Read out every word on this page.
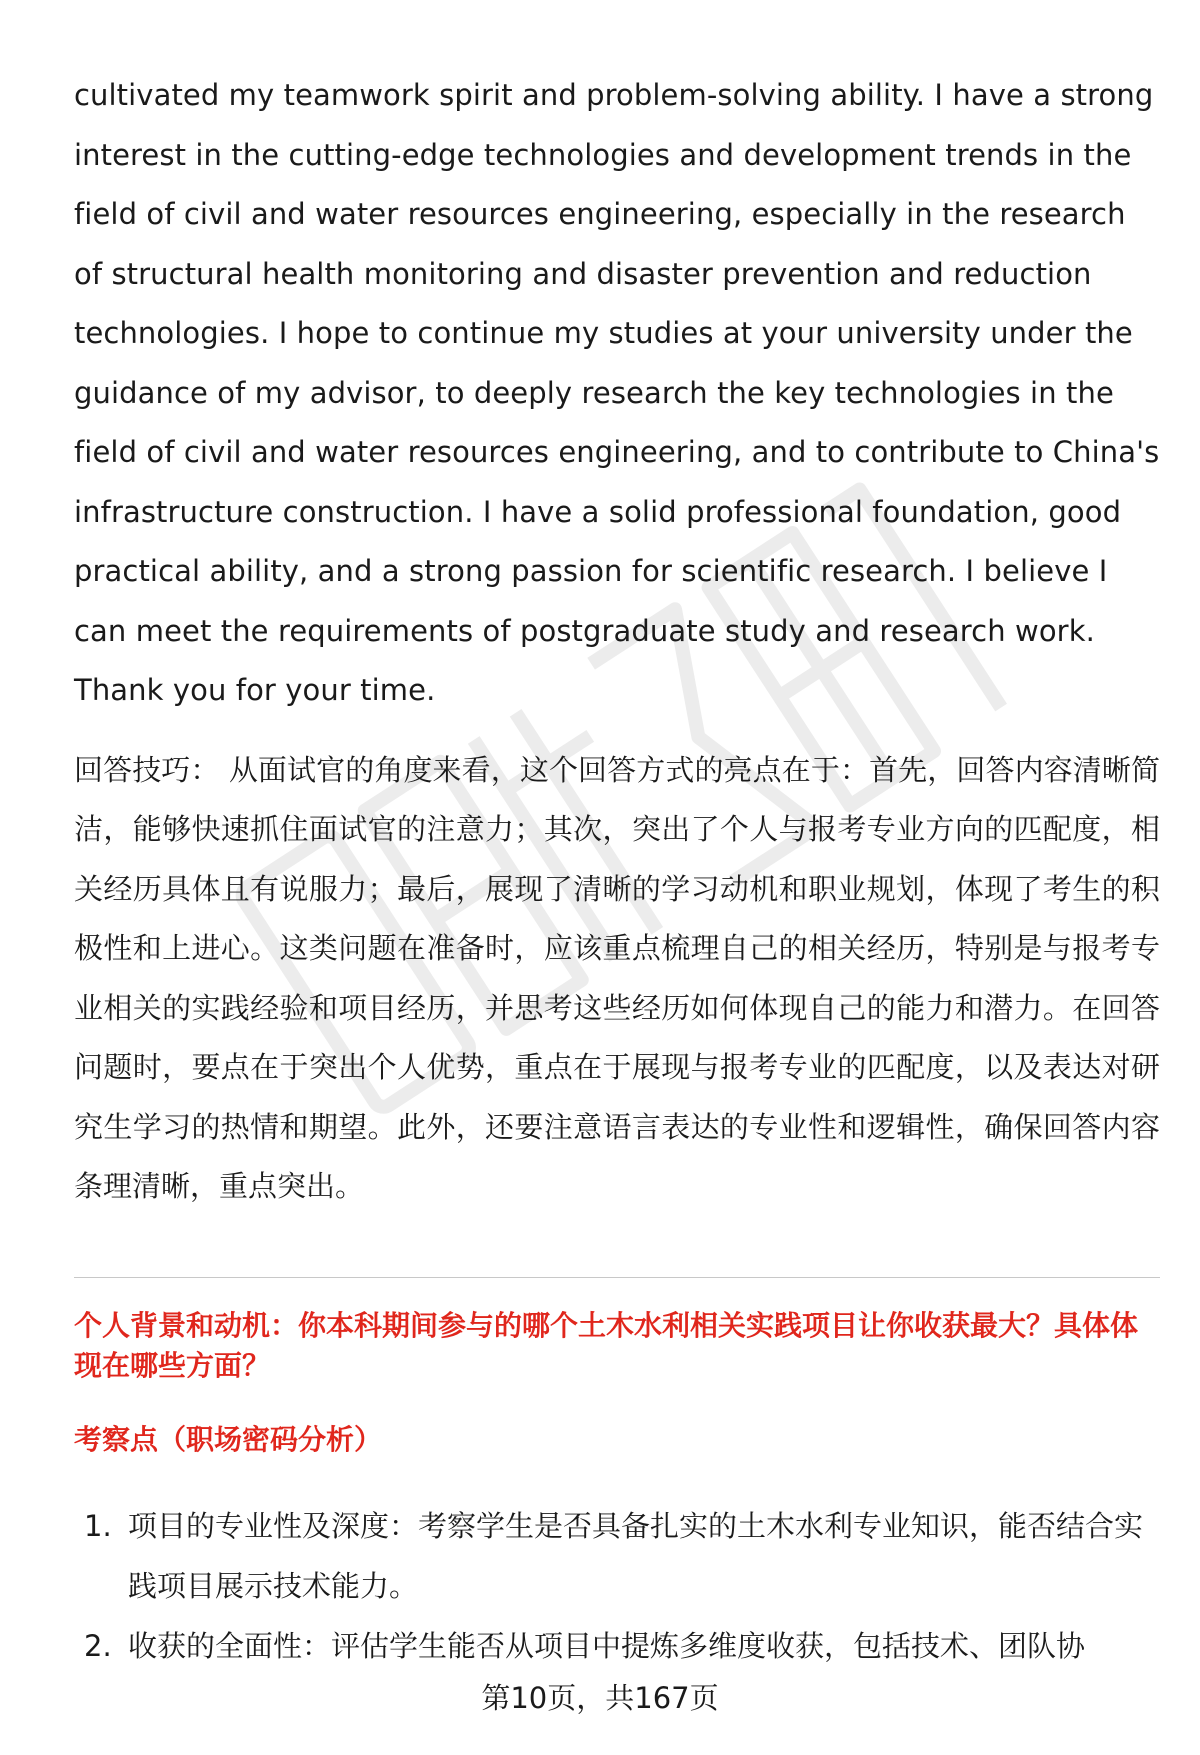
cultivated my teamwork spirit and problem-solving ability. I have a strong interest in the cutting-edge technologies and development trends in the field of civil and water resources engineering, especially in the research of structural health monitoring and disaster prevention and reduction technologies. I hope to continue my studies at your university under the guidance of my advisor, to deeply research the key technologies in the field of civil and water resources engineering, and to contribute to China's infrastructure construction. I have a solid professional foundation, good practical ability, and a strong passion for scientific research. I believe I can meet the requirements of postgraduate study and research work. Thank you for your time.

回答技巧： 从面试官的角度来看，这个回答方式的亮点在于：首先，回答内容清晰简洁，能够快速抓住面试官的注意力；其次，突出了个人与报考专业方向的匹配度，相关经历具体且有说服力；最后，展现了清晰的学习动机和职业规划，体现了考生的积极性和上进心。这类问题在准备时，应该重点梳理自己的相关经历，特别是与报考专业相关的实践经验和项目经历，并思考这些经历如何体现自己的能力和潜力。在回答问题时，要点在于突出个人优势，重点在于展现与报考专业的匹配度，以及表达对研究生学习的热情和期望。此外，还要注意语言表达的专业性和逻辑性，确保回答内容条理清晰，重点突出。

个人背景和动机：你本科期间参与的哪个土木水利相关实践项目让你收获最大？具体体现在哪些方面？
考察点（职场密码分析）
1. 项目的专业性及深度：考察学生是否具备扎实的土木水利专业知识，能否结合实践项目展示技术能力。
2. 收获的全面性：评估学生能否从项目中提炼多维度收获，包括技术、团队协
第10页，共167页
